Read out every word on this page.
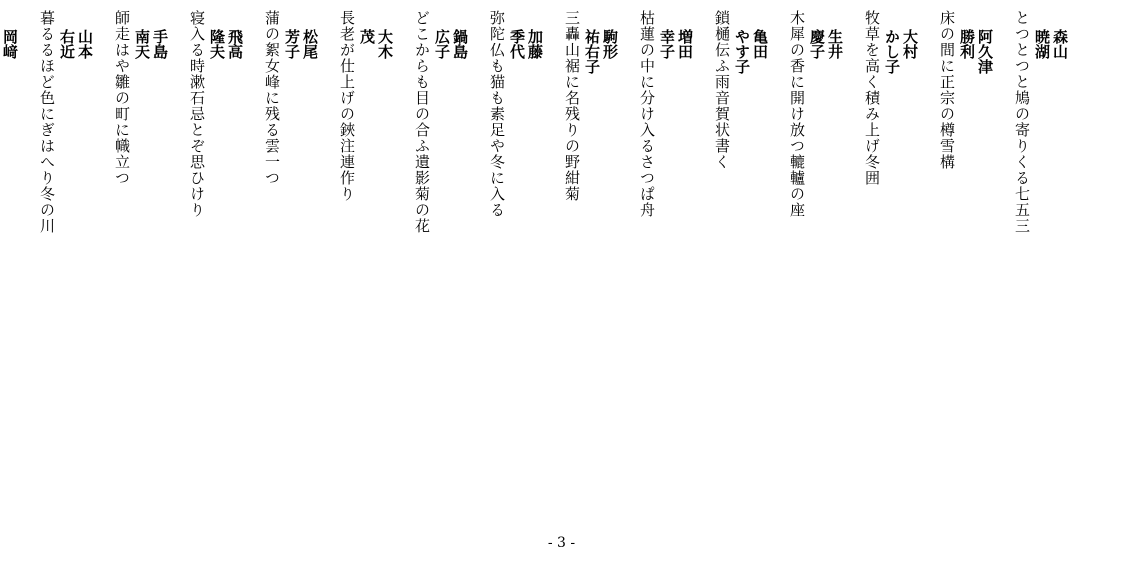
森山
暁湖
とつとつと鳩の寄りくる七五三
阿久津
勝利
床の間に正宗の樽雪構
大村
かし子
牧草を高く積み上げ冬囲
生井
慶子
木犀の香に開け放つ轆轤の座
亀田
やす子
鎖樋伝ふ雨音賀状書く
増田
幸子
枯蓮の中に分け入るさつぱ舟
駒形
祐右子
三轟山裾に名残りの野紺菊
加藤
季代
弥陀仏も猫も素足や冬に入る
鍋島
広子
どこからも目の合ふ遺影菊の花
大木
茂
長老が仕上げの鋏注連作り
松尾
芳子
蒲の絮女峰に残る雲一つ
飛高
隆夫
寝入る時漱石忌とぞ思ひけり
手島
南天
師走はや雛の町に幟立つ
山本
右近
暮るるほど色にぎはへり冬の川
岡﨑
- 3 -
